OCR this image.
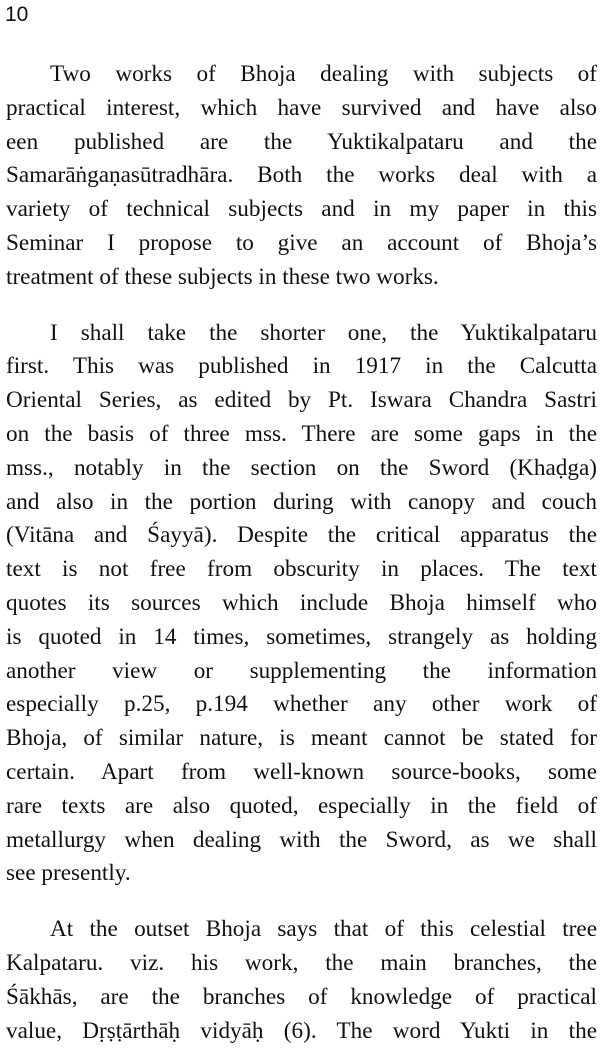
10
Two works of Bhoja dealing with subjects of
practical interest, which have survived and have also
een published are the Yuktikalpataru and the
Samarāṅgaṇasūtradhāra. Both the works deal with a
variety of technical subjects and in my paper in this
Seminar I propose to give an account of Bhoja’s
treatment of these subjects in these two works.
I shall take the shorter one, the Yuktikalpataru
first. This was published in 1917 in the Calcutta
Oriental Series, as edited by Pt. Iswara Chandra Sastri
on the basis of three mss. There are some gaps in the
mss., notably in the section on the Sword (Khaḍga)
and also in the portion during with canopy and couch
(Vitāna and Śayyā). Despite the critical apparatus the
text is not free from obscurity in places. The text
quotes its sources which include Bhoja himself who
is quoted in 14 times, sometimes, strangely as holding
another view or supplementing the information
especially p.25, p.194 whether any other work of
Bhoja, of similar nature, is meant cannot be stated for
certain. Apart from well-known source-books, some
rare texts are also quoted, especially in the field of
metallurgy when dealing with the Sword, as we shall
see presently.
At the outset Bhoja says that of this celestial tree
Kalpataru. viz. his work, the main branches, the
Śākhās, are the branches of knowledge of practical
value, Dṛṣṭārthāḥ vidyāḥ (6). The word Yukti in the
